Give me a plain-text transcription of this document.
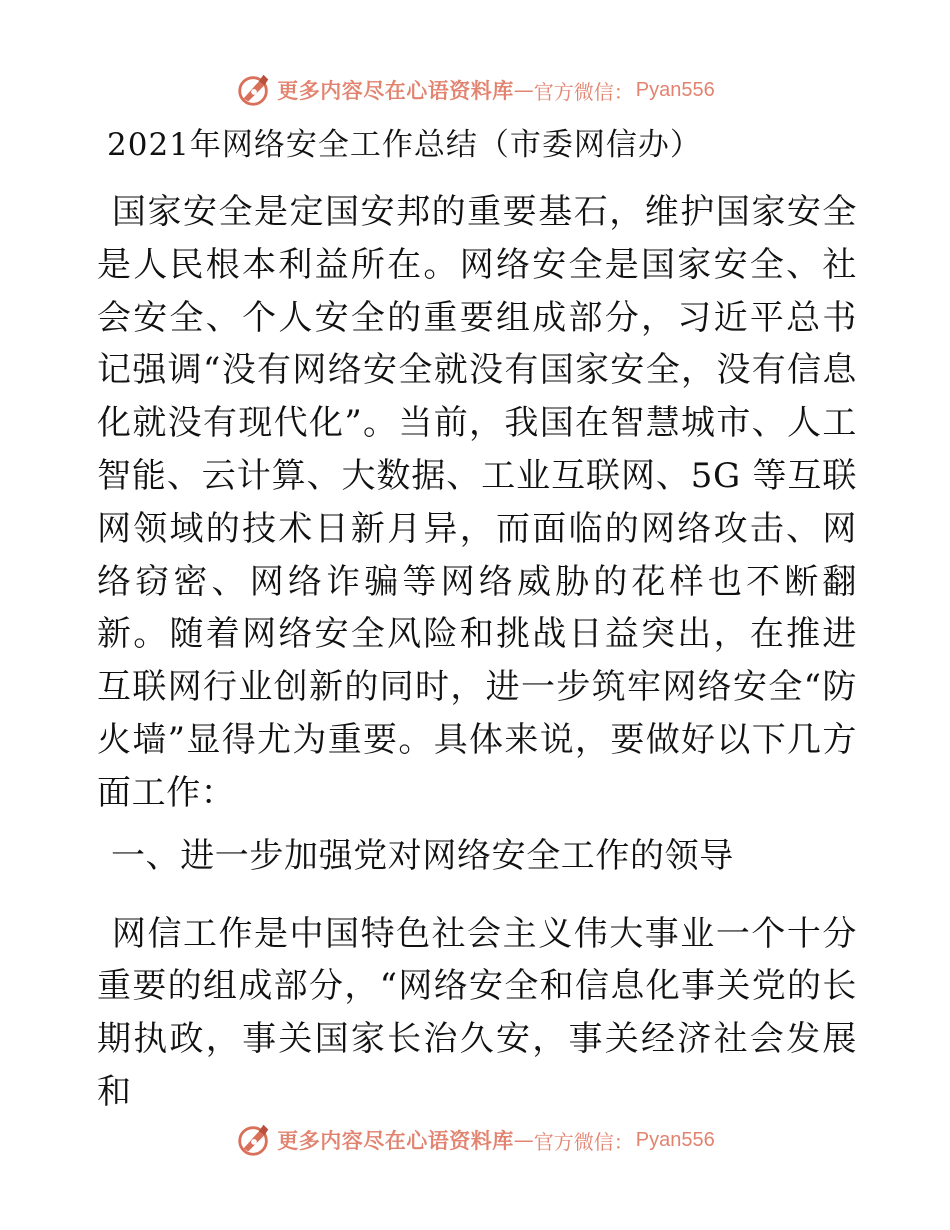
更多内容尽在心语资料库 — 官方微信： Pyan556
2021年网络安全工作总结（市委网信办）

国家安全是定国安邦的重要基石，维护国家安全是人民根本利益所在。网络安全是国家安全、社会安全、个人安全的重要组成部分，习近平总书记强调“没有网络安全就没有国家安全，没有信息化就没有现代化”。当前，我国在智慧城市、人工智能、云计算、大数据、工业互联网、5G 等互联网领域的技术日新月异，而面临的网络攻击、网络窃密、网络诈骗等网络威胁的花样也不断翻新。随着网络安全风险和挑战日益突出，在推进互联网行业创新的同时，进一步筑牢网络安全“防火墙”显得尤为重要。具体来说，要做好以下几方面工作：

一、进一步加强党对网络安全工作的领导

网信工作是中国特色社会主义伟大事业一个十分重要的组成部分，“网络安全和信息化事关党的长期执政，事关国家长治久安，事关经济社会发展和

更多内容尽在心语资料库 — 官方微信： Pyan556
